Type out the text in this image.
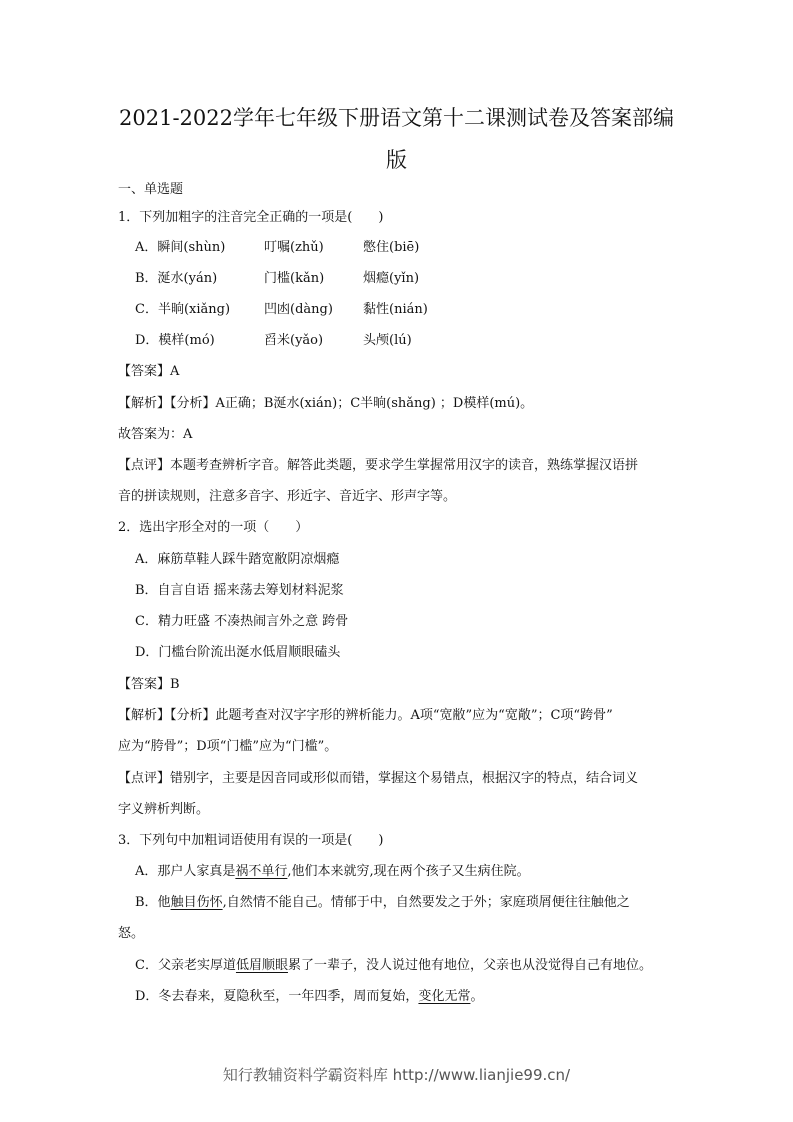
2021-2022学年七年级下册语文第十二课测试卷及答案部编
版
一、单选题
1．下列加粗字的注音完全正确的一项是(　　)
A．瞬间(shùn)	叮嘱(zhǔ)	憋住(biē)
B．涎水(yán)	门槛(kǎn)	烟瘾(yǐn)
C．半晌(xiǎng)	凹凼(dàng) 黏性(nián)
D．模样(mó)	舀米(yǎo)	头颅(lú)
【答案】A
【解析】【分析】A正确；B涎水(xián)；C半晌(shǎng) ；D模样(mú)。
故答案为：A
【点评】本题考查辨析字音。解答此类题，要求学生掌握常用汉字的读音，熟练掌握汉语拼
音的拼读规则，注意多音字、形近字、音近字、形声字等。
2．选出字形全对的一项（　　）
A．麻筋草鞋人踩牛踏宽敝阴凉烟瘾
B．自言自语 摇来荡去筹划材料泥浆
C．精力旺盛 不凑热闹言外之意 跨骨
D．门槛台阶流出涎水低眉顺眼磕头
【答案】B
【解析】【分析】此题考查对汉字字形的辨析能力。A项“宽敝”应为“宽敞”；C项“跨骨”
应为“胯骨”；D项“门槛”应为“门槛”。
【点评】错别字，主要是因音同或形似而错，掌握这个易错点，根据汉字的特点，结合词义
字义辨析判断。
3．下列句中加粗词语使用有误的一项是(　　)
A．那户人家真是祸不单行,他们本来就穷,现在两个孩子又生病住院。
B．他触目伤怀,自然情不能自己。情郁于中，自然要发之于外；家庭琐屑便往往触他之
怒。
C．父亲老实厚道低眉顺眼累了一辈子，没人说过他有地位，父亲也从没觉得自己有地位。
D．冬去春来，夏隐秋至，一年四季，周而复始，变化无常。
知行教辅资料学霸资料库 http://www.lianjie99.cn/
